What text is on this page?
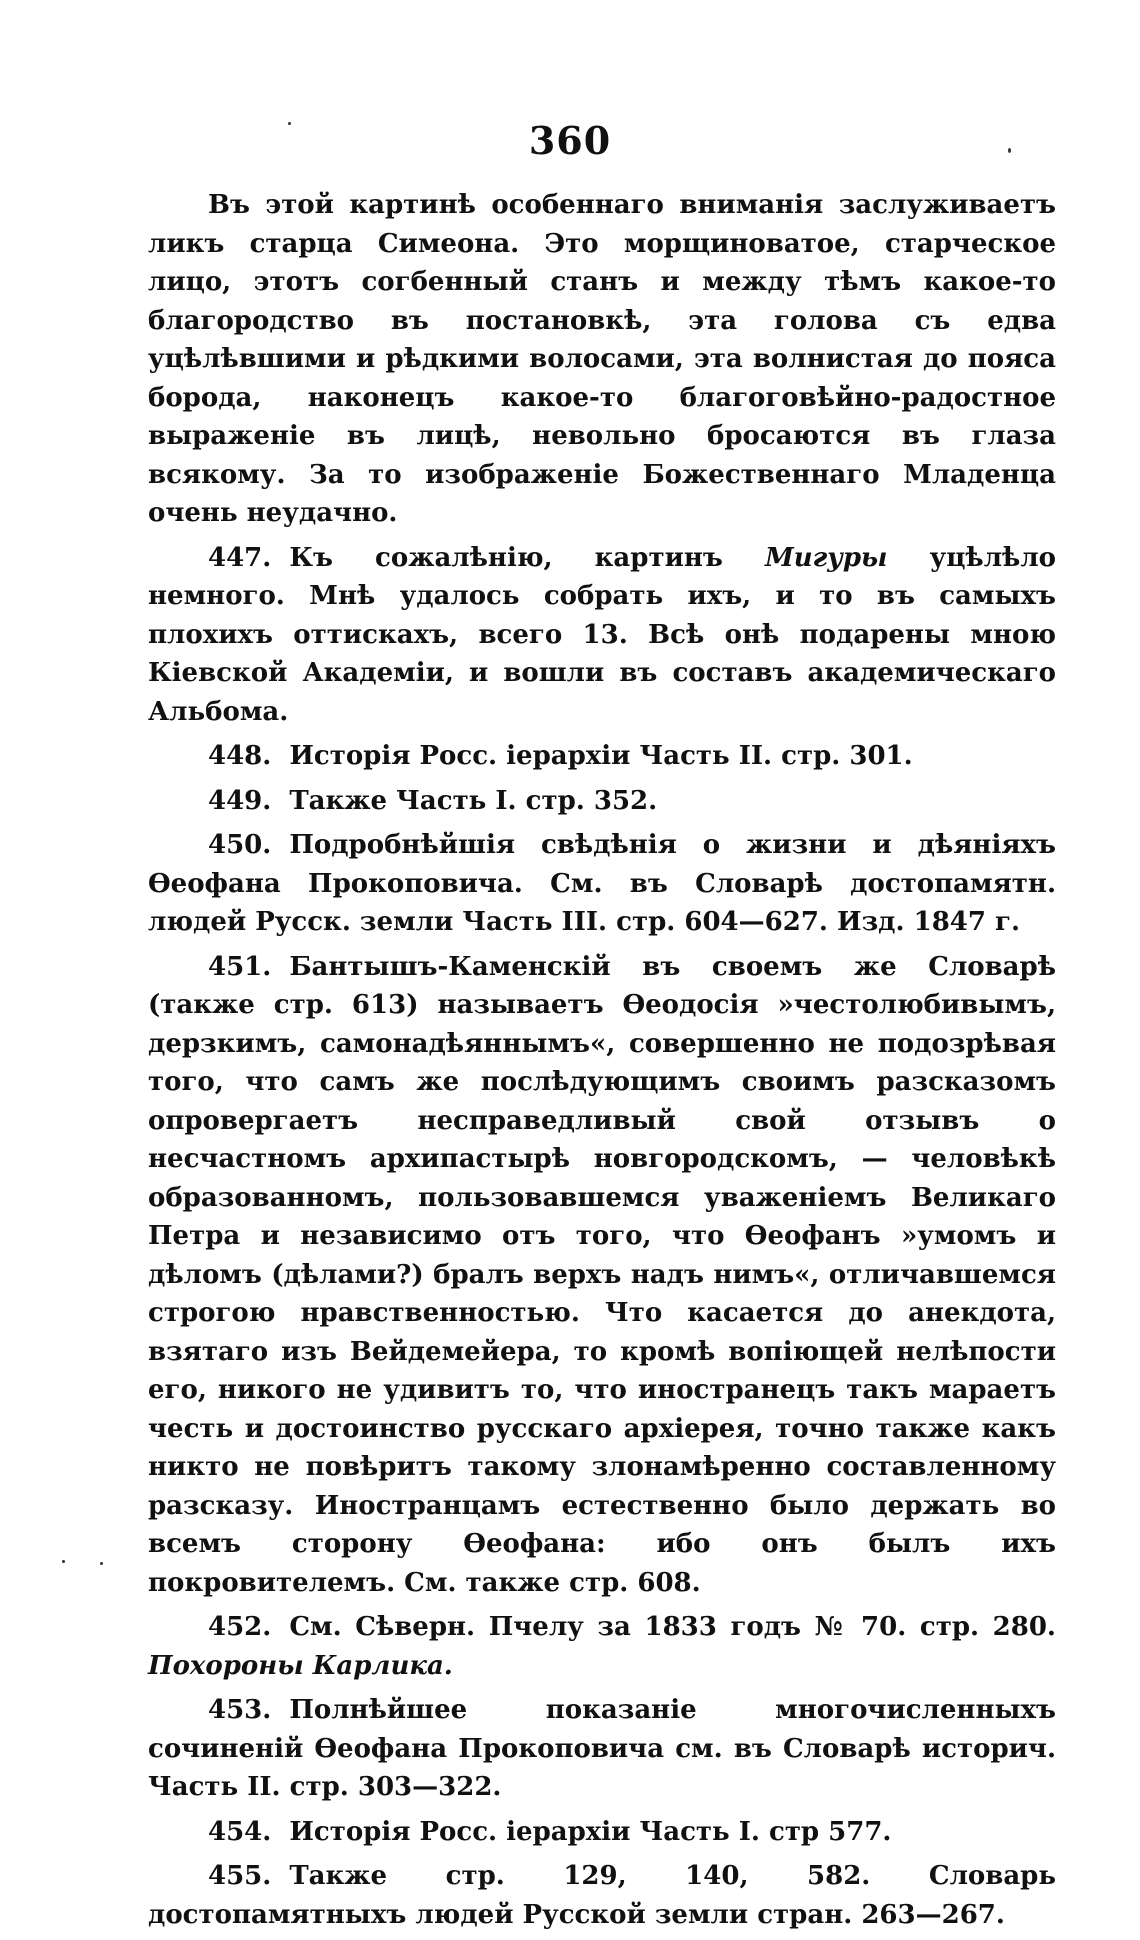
360

Въ этой картинѣ особеннаго вниманія заслуживаетъ ликъ старца Симеона. Это морщиноватое, старческое лицо, этотъ согбенный станъ и между тѣмъ какое-то благородство въ постановкѣ, эта голова съ едва уцѣлѣвшими и рѣдкими волосами, эта волнистая до пояса борода, наконецъ какое-то благоговѣйно-радостное выраженіе въ лицѣ, невольно бросаются въ глаза всякому. За то изображеніе Божественнаго Младенца очень неудачно.

447. Къ сожалѣнію, картинъ Мигуры уцѣлѣло немного. Мнѣ удалось собрать ихъ, и то въ самыхъ плохихъ оттискахъ, всего 13. Всѣ онѣ подарены мною Кіевской Академіи, и вошли въ составъ академическаго Альбома.

448. Исторія Росс. іерархіи Часть II. стр. 301.

449. Также Часть I. стр. 352.

450. Подробнѣйшія свѣдѣнія о жизни и дѣяніяхъ Ѳеофана Прокоповича. См. въ Словарѣ достопамятн. людей Русск. земли Часть III. стр. 604—627. Изд. 1847 г.

451. Бантышъ-Каменскій въ своемъ же Словарѣ (также стр. 613) называетъ Ѳеодосія »честолюбивымъ, дерзкимъ, самонадѣяннымъ«, совершенно не подозрѣвая того, что самъ же послѣдующимъ своимъ разсказомъ опровергаетъ несправедливый свой отзывъ о несчастномъ архипастырѣ новгородскомъ, — человѣкѣ образованномъ, пользовавшемся уваженіемъ Великаго Петра и независимо отъ того, что Ѳеофанъ »умомъ и дѣломъ (дѣлами?) бралъ верхъ надъ нимъ«, отличавшемся строгою нравственностью. Что касается до анекдота, взятаго изъ Вейдемейера, то кромѣ вопіющей нелѣпости его, никого не удивитъ то, что иностранецъ такъ мараетъ честь и достоинство русскаго архіерея, точно также какъ никто не повѣритъ такому злонамѣренно составленному разсказу. Иностранцамъ естественно было держать во всемъ сторону Ѳеофана: ибо онъ былъ ихъ покровителемъ. См. также стр. 608.

452. См. Сѣверн. Пчелу за 1833 годъ № 70. стр. 280. Похороны Карлика.

453. Полнѣйшее показаніе многочисленныхъ сочиненій Ѳеофана Прокоповича см. въ Словарѣ историч. Часть II. стр. 303—322.

454. Исторія Росс. іерархіи Часть I. стр 577.

455. Также стр. 129, 140, 582. Словарь достопамятныхъ людей Русской земли стран. 263—267.
